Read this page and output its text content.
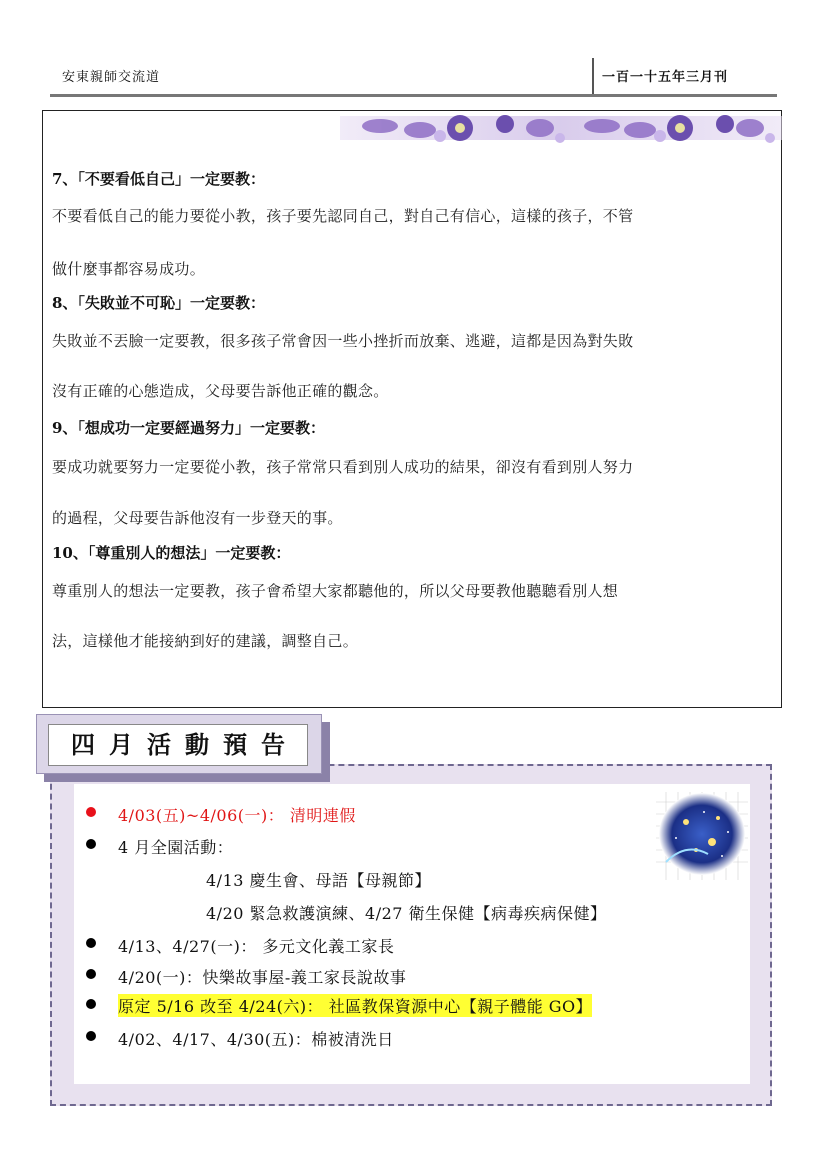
安東親師交流道	一百一十五年三月刊
7、「不要看低自己」一定要教：
不要看低自己的能力要從小教，孩子要先認同自己，對自己有信心，這樣的孩子，不管
做什麼事都容易成功。
8、「失敗並不可恥」一定要教：
失敗並不丟臉一定要教，很多孩子常會因一些小挫折而放棄、逃避，這都是因為對失敗
沒有正確的心態造成，父母要告訴他正確的觀念。
9、「想成功一定要經過努力」一定要教：
要成功就要努力一定要從小教，孩子常常只看到別人成功的結果，卻沒有看到別人努力
的過程，父母要告訴他沒有一步登天的事。
10、「尊重別人的想法」一定要教：
尊重別人的想法一定要教，孩子會希望大家都聽他的，所以父母要教他聽聽看別人想
法，這樣他才能接納到好的建議，調整自己。
四月活動預告
4/03(五)~4/06(一)： 清明連假
4 月全園活動：
4/13 慶生會、母語【母親節】
4/20 緊急救護演練、4/27 衛生保健【病毒疾病保健】
4/13、4/27(一)： 多元文化義工家長
4/20(一)：快樂故事屋-義工家長說故事
原定 5/16 改至 4/24(六)： 社區教保資源中心【親子體能 GO】
4/02、4/17、4/30(五)：棉被清洗日
